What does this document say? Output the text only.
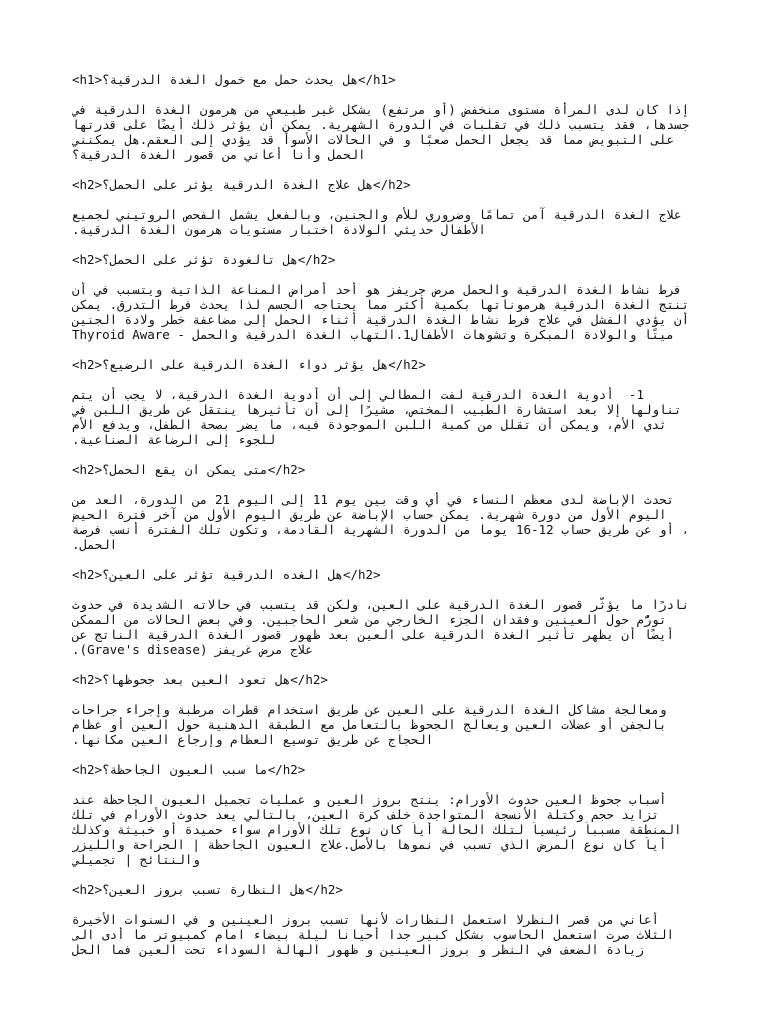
<h1>هل يحدث حمل مع خمول الغدة الدرقية؟</h1>
إذا كان لدى المرأة مستوى منخفض (أو مرتفع) بشكل غير طبيعي من هرمون الغدة الدرقية في
جسدها، فقد يتسبب ذلك في تقلبات في الدورة الشهرية. يمكن أن يؤثر ذلك أيضًا على قدرتها
على التبويض مما قد يجعل الحمل صعبًا و في الحالات الأسوأ قد يؤدي إلى العقم.هل يمكنني
الحمل وأنا أعاني من قصور الغدة الدرقية؟
<h2>هل علاج الغدة الدرقية يؤثر على الحمل؟</h2>
علاج الغدة الدرقية آمن تمامًا وضروري للأم والجنين، وبالفعل يشمل الفحص الروتيني لجميع
الأطفال حديثي الولادة اختبار مستويات هرمون الغدة الدرقية.
<h2>هل تالغودة تؤثر على الحمل؟</h2>
فرط نشاط الغدة الدرقية والحمل مرض جريفز هو أحد أمراض المناعة الذاتية ويتسبب في أن
تنتج الغدة الدرقية هرموناتها بكمية أكثر مما يحتاجه الجسم لذا يحدث فرط التدرق. يمكن
أن يؤدي الفشل في علاج فرط نشاط الغدة الدرقية أثناء الحمل إلى مضاعفة خطر ولادة الجنين
ميتًا والولادة المبكرة وتشوهات الأطفال1.التهاب الغدة الدرقية والحمل - Thyroid Aware
<h2>هل يؤثر دواء الغدة الدرقية على الرضيع؟</h2>
1-  أدوية الغدة الدرقية لفت المطالي إلى أن أدوية الغدة الدرقية، لا يجب أن يتم
تناولها إلا بعد استشارة الطبيب المختص، مشيرًا إلى أن تأثيرها ينتقل عن طريق اللبن في
ثدي الأم، ويمكن أن تقلل من كمية اللبن الموجودة فيه، ما يضر بصحة الطفل، ويدفع الأم
للجوء إلى الرضاعة الصناعية.
<h2>متى يمكن ان يقع الحمل؟</h2>
تحدث الإباضة لدى معظم النساء في أي وقت بين يوم 11 إلى اليوم 21 من الدورة، العد من
اليوم الأول من دورة شهرية. يمكن حساب الإباضة عن طريق اليوم الأول من آخر فترة الحيض
، أو عن طريق حساب 12-16 يوما من الدورة الشهرية القادمة، وتكون تلك الفترة أنسب فرصة
الحمل.
<h2>هل الغده الدرقية تؤثر على العين؟</h2>
نادرًا ما يؤثّر قصور الغدة الدرقية على العين، ولكن قد يتسبب في حالاته الشديدة في حدوث
تورُّم حول العينين وفقدان الجزء الخارجي من شعر الحاجبين. وفي بعض الحالات من الممكن
أيضًا أن يظهر تأثير الغدة الدرقية على العين بعد ظهور قصور الغدة الدرقية الناتج عن
علاج مرض غريفز (Grave's disease).
<h2>هل تعود العين بعد جحوظها؟</h2>
ومعالجة مشاكل الغدة الدرقية على العين عن طريق استخدام قطرات مرطبة وإجراء جراحات
بالجفن أو عضلات العين ويعالج الجحوظ بالتعامل مع الطبقة الدهنية حول العين أو عظام
الحجاج عن طريق توسيع العظام وإرجاع العين مكانها.
<h2>ما سبب العيون الجاحظة؟</h2>
أسباب جحوظ العين حدوث الأورام: ينتج بروز العين و عمليات تجميل العيون الجاحظة عند
تزايد حجم وكتلة الأنسجة المتواجدة خلف كرة العين، بالتالي يعد حدوث الأورام في تلك
المنطقة مسبباً رئيسياً لتلك الحالة أياً كان نوع تلك الأورام سواء حميدة أو خبيثة وكذلك
أياً كان نوع المرض الذي تسبب في نموها بالأصل.علاج العيون الجاحظة | الجراحة والليزر
والنتائج | تجميلي
<h2>هل النظارة تسبب بروز العين؟</h2>
أعاني من قصر النظرلا استعمل النظارات لأنها تسبب بروز العينين و في السنوات الأخيرة
الثلاث صرت استعمل الحاسوب بشكل كبير جدا أحيانا ليلة بيضاء امام كمبيوتر ما أدى الى
زيادة الضعف في النظر و بروز العينين و ظهور الهالة السوداء تحت العين فما الحل
